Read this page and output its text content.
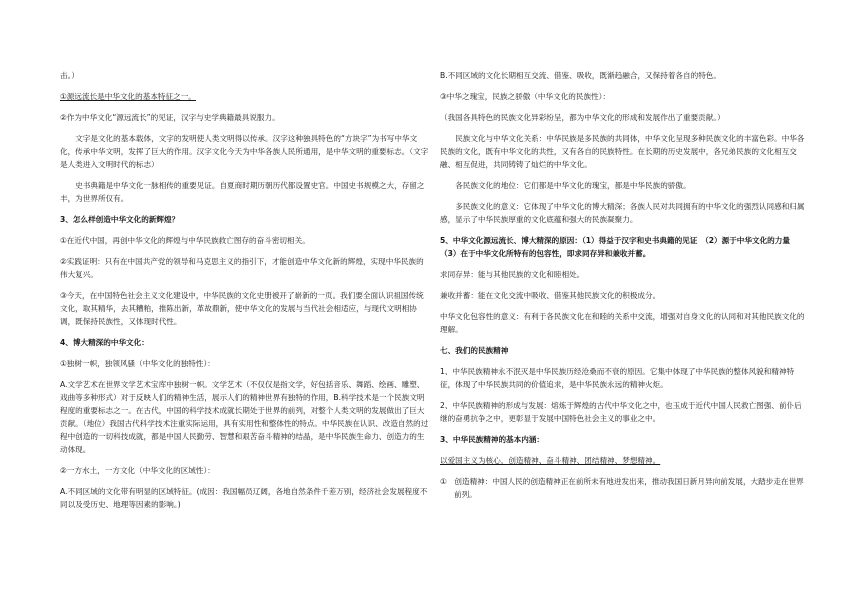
击。）

①源远流长是中华文化的基本特征之一。

②作为中华文化“源远流长”的见证，汉字与史学典籍最具说服力。

文字是文化的基本载体，文字的发明使人类文明得以传承。汉字这种独具特色的“方块字”为书写中华文化，传承中华文明，发挥了巨大的作用。汉字文化今天为中华各族人民所通用，是中华文明的重要标志。（文字是人类进入文明时代的标志）

史书典籍是中华文化一脉相传的重要见证。自夏商时期历朝历代都设置史官。中国史书规模之大，存留之丰，为世界所仅有。

3、怎么样创造中华文化的新辉煌？

①在近代中国，再创中华文化的辉煌与中华民族救亡图存的奋斗密切相关。

②实践证明：只有在中国共产党的领导和马克思主义的指引下，才能创造中华文化新的辉煌，实现中华民族的伟大复兴。

③今天，在中国特色社会主义文化建设中，中华民族的文化史册被开了崭新的一页。我们要全面认识祖国传统文化，取其精华，去其糟粕，推陈出新，革故鼎新，使中华文化的发展与当代社会相适应，与现代文明相协调，既保持民族性，又体现时代性。

4、博大精深的中华文化：

①独树一帜，独领风骚（中华文化的独特性）：

A.文学艺术在世界文学艺术宝库中独树一帜。文学艺术（不仅仅是指文学，好包括音乐、舞蹈、绘画、雕塑、戏曲等多种形式）对于反映人们的精神生活，展示人们的精神世界有独特的作用，B.科学技术是一个民族文明程度的重要标志之一。在古代，中国的科学技术成就长期处于世界的前列，对整个人类文明的发展做出了巨大贡献。（地位）我国古代科学技术注重实际运用，具有实用性和整体性的特点。中华民族在认识、改造自然的过程中创造的一切科技成就，都是中国人民勤劳、智慧和艰苦奋斗精神的结晶，是中华民族生命力、创造力的生动体现。

②一方水土，一方文化（中华文化的区域性）：

A.不同区域的文化带有明显的区域特征。(成因：我国幅员辽阔，各地自然条件千差万别，经济社会发展程度不同以及受历史、地理等因素的影响。)

B.不同区域的文化长期相互交流、借鉴、吸收，既渐趋融合，又保持着各自的特色。

③中华之瑰宝，民族之骄傲（中华文化的民族性）：

（我国各具特色的民族文化异彩纷呈，都为中华文化的形成和发展作出了重要贡献。）

民族文化与中华文化关系：中华民族是多民族的共同体，中华文化呈现多种民族文化的丰富色彩。中华各民族的文化，既有中华文化的共性，又有各自的民族特性。在长期的历史发展中，各兄弟民族的文化相互交融、相互促进，共同铸铸了灿烂的中华文化。

各民族文化的地位：它们都是中华文化的瑰宝，都是中华民族的骄傲。

多民族文化的意义：它体现了中华文化的博大精深；各族人民对共同拥有的中华文化的强烈认同感和归属感，显示了中华民族厚重的文化底蕴和强大的民族凝聚力。

5、中华文化源远流长、博大精深的原因：（1）得益于汉字和史书典籍的见证　（2）源于中华文化的力量　　（3）在于中华文化所特有的包容性，即求同存异和兼收并蓄。

求同存异：能与其他民族的文化和睦相处。

兼收并蓄：能在文化交流中吸收、借鉴其他民族文化的积极成分。

中华文化包容性的意义：有利于各民族文化在和睦的关系中交流，增强对自身文化的认同和对其他民族文化的理解。

七、我们的民族精神

1、中华民族精神永不泯灭是中华民族历经沧桑而不衰的原因。它集中体现了中华民族的整体风貌和精神特征，体现了中华民族共同的价值追求，是中华民族永远的精神火炬。

2、中华民族精神的形成与发展：熔炼于辉煌的古代中华文化之中，也玉成于近代中国人民救亡图强、前仆后继的奋勇抗争之中，更彰显于发展中国特色社会主义的事业之中。

3、中华民族精神的基本内涵：

以爱国主义为核心，创造精神、奋斗精神、团结精神、梦想精神。

①　创造精神：中国人民的创造精神正在前所未有地迸发出来，推动我国日新月异向前发展，大踏步走在世界前列。
